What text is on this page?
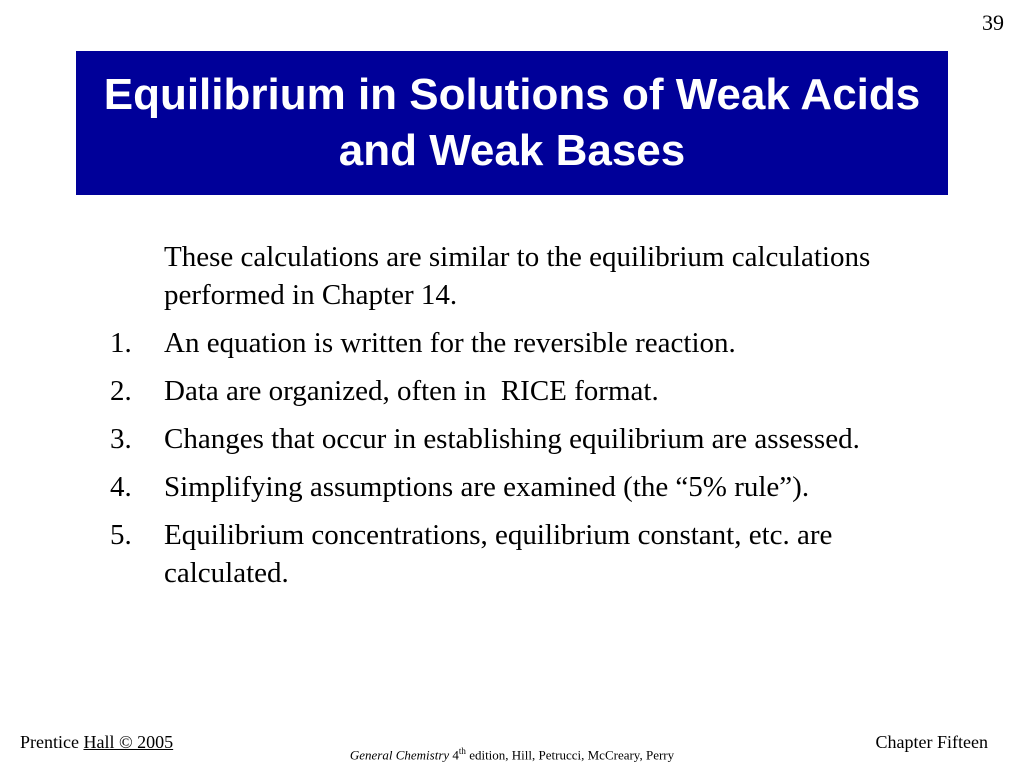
39
Equilibrium in Solutions of Weak Acids and Weak Bases
These calculations are similar to the equilibrium calculations performed in Chapter 14.
1.	An equation is written for the reversible reaction.
2.	Data are organized, often in  RICE format.
3.	Changes that occur in establishing equilibrium are assessed.
4.	Simplifying assumptions are examined (the “5% rule”).
5.	Equilibrium concentrations, equilibrium constant, etc. are calculated.
Prentice Hall © 2005
General Chemistry 4th edition, Hill, Petrucci, McCreary, Perry
Chapter Fifteen
